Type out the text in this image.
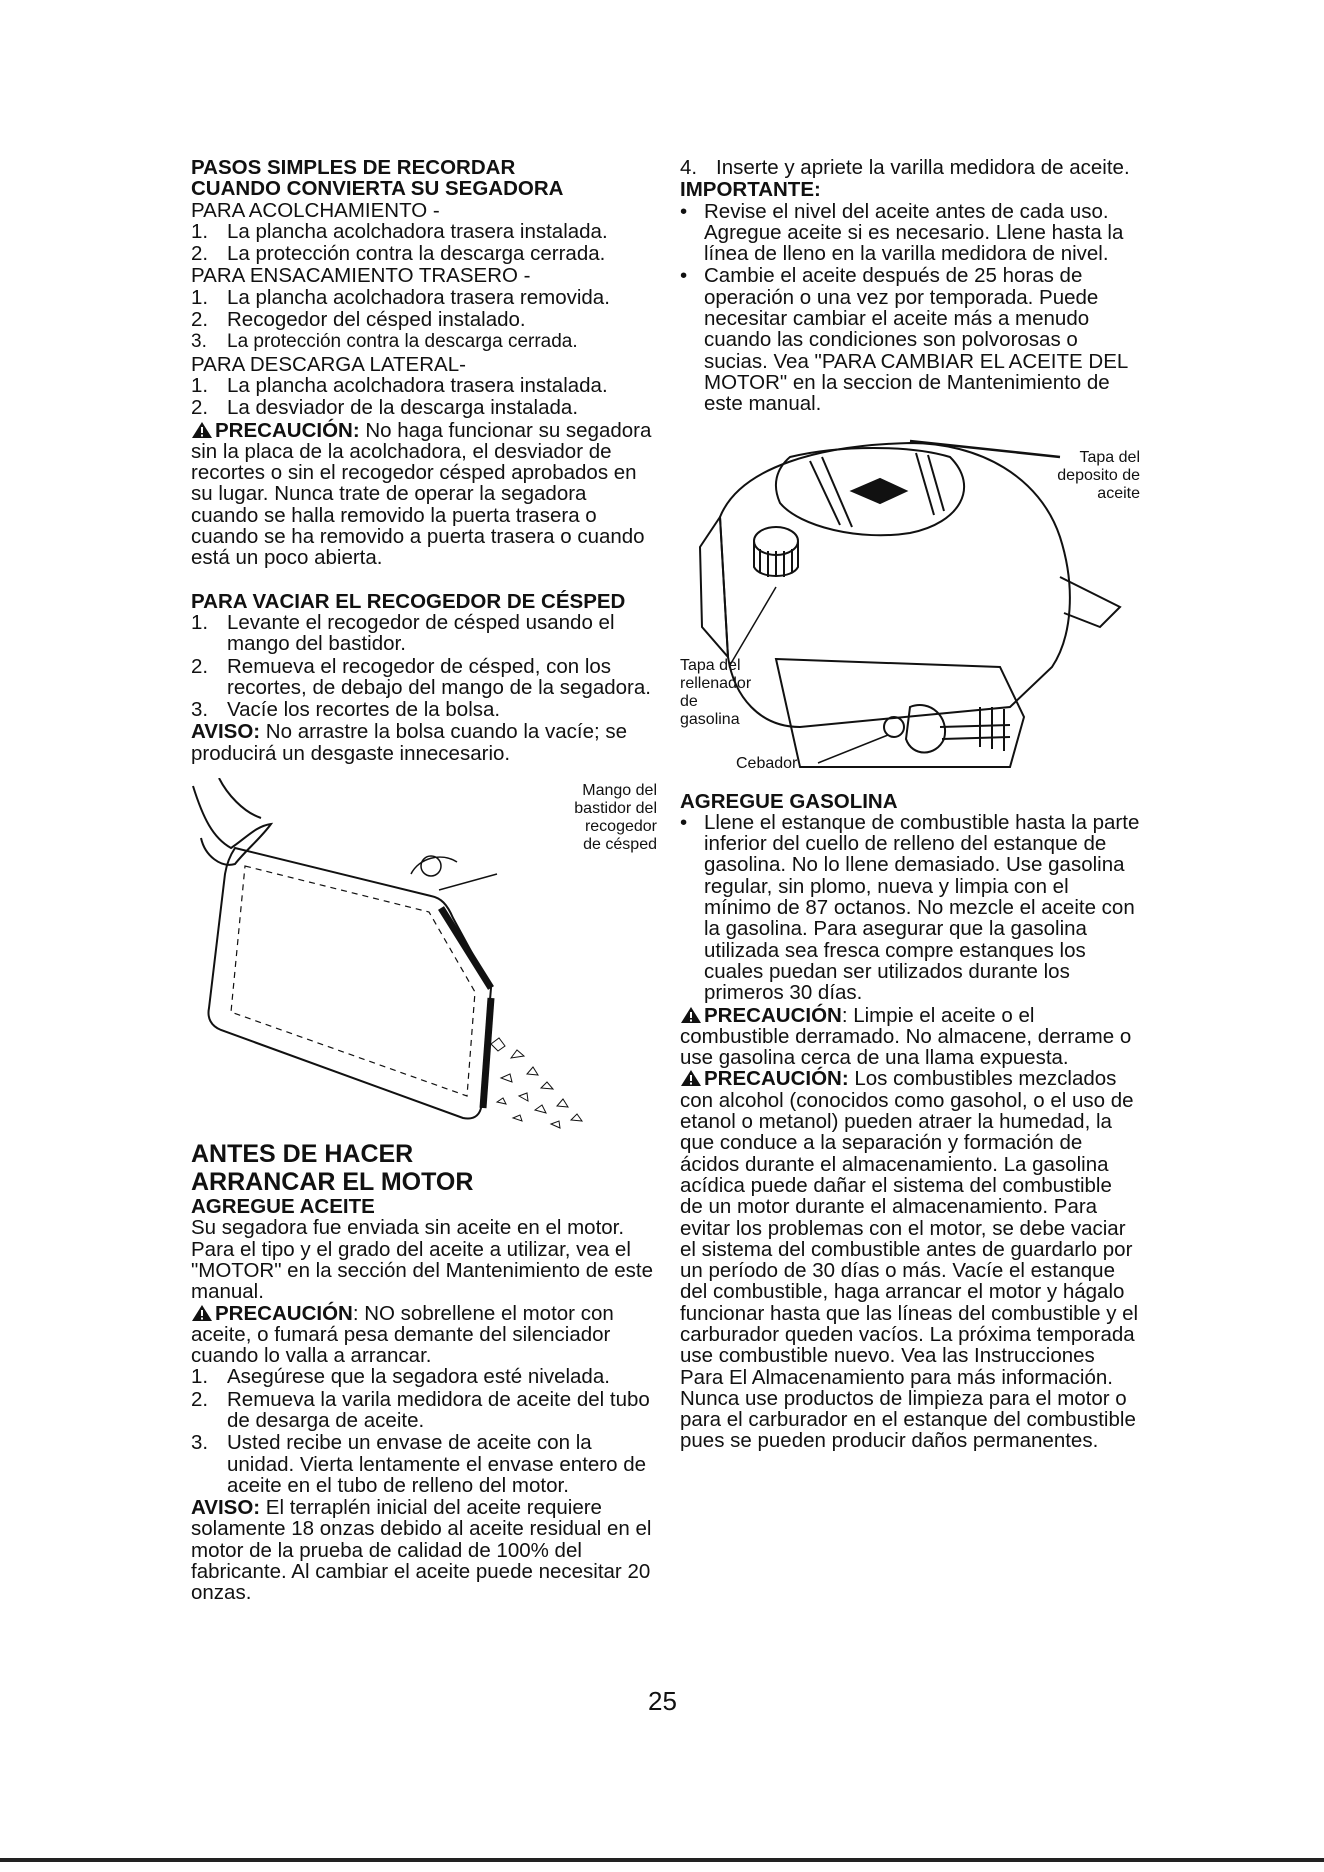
PASOS SIMPLES DE RECORDAR
CUANDO CONVIERTA SU SEGADORA
PARA ACOLCHAMIENTO -
1. La plancha acolchadora trasera instalada.
2. La protección contra la descarga cerrada.
PARA ENSACAMIENTO TRASERO -
1. La plancha acolchadora trasera removida.
2. Recogedor del césped instalado.
3. La protección contra la descarga cerrada.
PARA DESCARGA LATERAL-
1. La plancha acolchadora trasera instalada.
2. La desviador de la descarga instalada.

PRECAUCIÓN: No haga funcionar su segadora sin la placa de la acolchadora, el desviador de recortes o sin el recogedor césped aprobados en su lugar. Nunca trate de operar la segadora cuando se halla removido la puerta trasera o cuando se ha removido a puerta trasera o cuando está un poco abierta.

PARA VACIAR EL RECOGEDOR DE CÉSPED
1. Levante el recogedor de césped usando el mango del bastidor.
2. Remueva el recogedor de césped, con los recortes, de debajo del mango de la segadora.
3. Vacíe los recortes de la bolsa.

AVISO: No arrastre la bolsa cuando la vacíe; se producirá un desgaste innecesario.

Mango del
bastidor del
recogedor
de césped
ANTES DE HACER
ARRANCAR EL MOTOR
AGREGUE ACEITE

Su segadora fue enviada sin aceite en el motor. Para el tipo y el grado del aceite a utilizar, vea el "MOTOR" en la sección del Mantenimiento de este manual.

PRECAUCIÓN: NO sobrellene el motor con aceite, o fumará pesa demante del silenciador cuando lo valla a arrancar.

1. Asegúrese que la segadora esté nivelada.
2. Remueva la varila medidora de aceite del tubo de desarga de aceite.
3. Usted recibe un envase de aceite con la unidad. Vierta lentamente el envase entero de aceite en el tubo de relleno del motor.

AVISO: El terraplén inicial del aceite requiere solamente 18 onzas debido al aceite residual en el motor de la prueba de calidad de 100% del fabricante. Al cambiar el aceite puede necesitar 20 onzas.

4. Inserte y apriete la varilla medidora de aceite.
IMPORTANTE:
• Revise el nivel del aceite antes de cada uso. Agregue aceite si es necesario. Llene hasta la línea de lleno en la varilla medidora de nivel.
• Cambie el aceite después de 25 horas de operación o una vez por temporada. Puede necesitar cambiar el aceite más a menudo cuando las condiciones son polvorosas o sucias. Vea "PARA CAMBIAR EL ACEITE DEL MOTOR" en la seccion de Mantenimiento de este manual.
Tapa del
deposito de
aceite
Tapa del
rellenador
de
gasolina
Cebador
AGREGUE GASOLINA
• Llene el estanque de combustible hasta la parte inferior del cuello de relleno del estanque de gasolina. No lo llene demasiado. Use gasolina regular, sin plomo, nueva y limpia con el mínimo de 87 octanos. No mezcle el aceite con la gasolina. Para asegurar que la gasolina utilizada sea fresca compre estanques los cuales puedan ser utilizados durante los primeros 30 días.

PRECAUCIÓN: Limpie el aceite o el combustible derramado. No almacene, derrame o use gasolina cerca de una llama expuesta.

PRECAUCIÓN: Los combustibles mezclados con alcohol (conocidos como gasohol, o el uso de etanol o metanol) pueden atraer la humedad, la que conduce a la separación y formación de ácidos durante el almacenamiento. La gasolina acídica puede dañar el sistema del combustible de un motor durante el almacenamiento. Para evitar los problemas con el motor, se debe vaciar el sistema del combustible antes de guardarlo por un período de 30 días o más. Vacíe el estanque del combustible, haga arrancar el motor y hágalo funcionar hasta que las líneas del combustible y el carburador queden vacíos. La próxima temporada use combustible nuevo. Vea las Instrucciones Para El Almacenamiento para más información. Nunca use productos de limpieza para el motor o para el carburador en el estanque del combustible pues se pueden producir daños permanentes.

25
